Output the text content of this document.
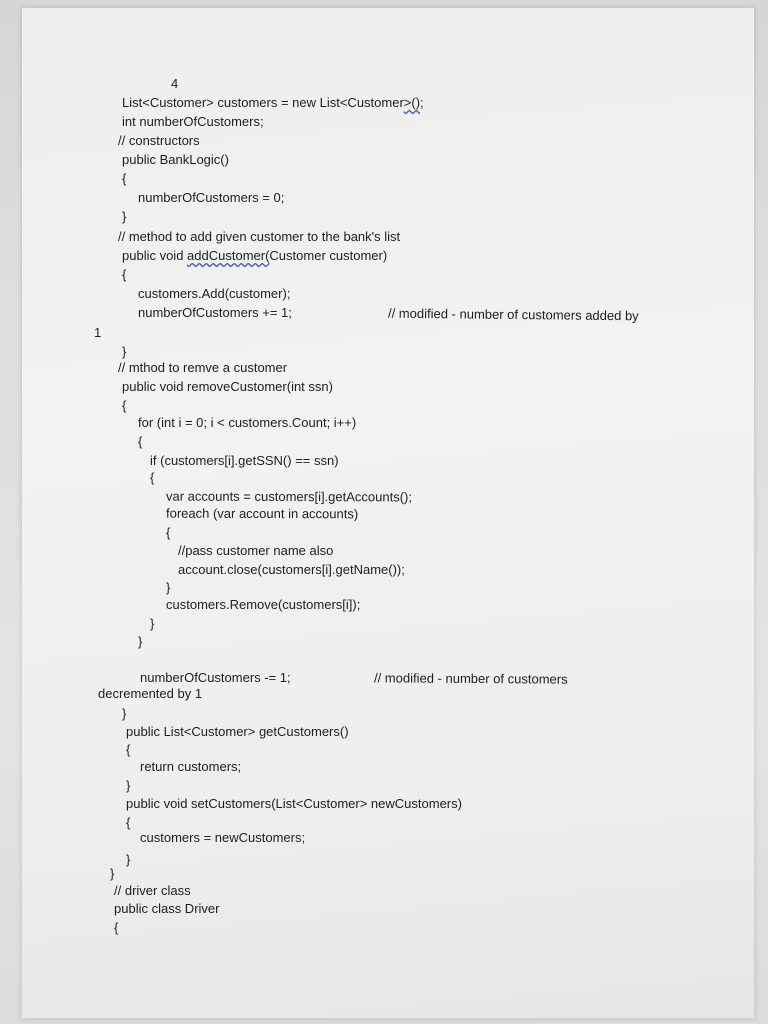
4
List<Customer> customers = new List<Customer>();
int numberOfCustomers;
// constructors
public BankLogic()
{
numberOfCustomers = 0;
}
// method to add given customer to the bank's list
public void addCustomer(Customer customer)
{
customers.Add(customer);
numberOfCustomers += 1;	// modified - number of customers added by
1
}
// mthod to remve a customer
public void removeCustomer(int ssn)
{
for (int i = 0; i < customers.Count; i++)
{
if (customers[i].getSSN() == ssn)
{
var accounts = customers[i].getAccounts();
foreach (var account in accounts)
{
//pass customer name also
account.close(customers[i].getName());
}
customers.Remove(customers[i]);
}
}
numberOfCustomers -= 1;	// modified - number of customers
decremented by 1
}
public List<Customer> getCustomers()
{
return customers;
}
public void setCustomers(List<Customer> newCustomers)
{
customers = newCustomers;
}
}
// driver class
public class Driver
{
